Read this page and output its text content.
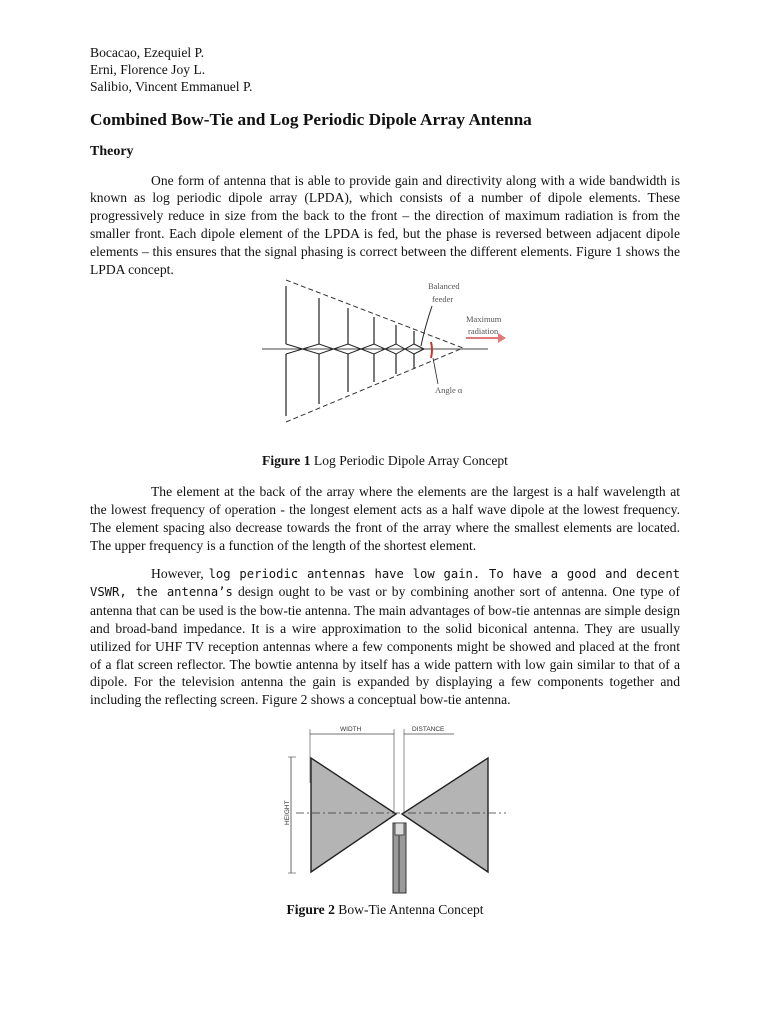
Bocacao, Ezequiel P.
Erni, Florence Joy L.
Salibio, Vincent Emmanuel P.
Combined Bow-Tie and Log Periodic Dipole Array Antenna
Theory

One form of antenna that is able to provide gain and directivity along with a wide bandwidth is known as log periodic dipole array (LPDA), which consists of a number of dipole elements. These progressively reduce in size from the back to the front – the direction of maximum radiation is from the smaller front. Each dipole element of the LPDA is fed, but the phase is reversed between adjacent dipole elements – this ensures that the signal phasing is correct between the different elements. Figure 1 shows the LPDA concept.

Balanced
feeder
Maximum
radiation
Angle α
Figure 1 Log Periodic Dipole Array Concept

The element at the back of the array where the elements are the largest is a half wavelength at the lowest frequency of operation - the longest element acts as a half wave dipole at the lowest frequency. The element spacing also decrease towards the front of the array where the smallest elements are located. The upper frequency is a function of the length of the shortest element.

However, log periodic antennas have low gain. To have a good and decent VSWR, the antenna’s design ought to be vast or by combining another sort of antenna. One type of antenna that can be used is the bow-tie antenna. The main advantages of bow-tie antennas are simple design and broad-band impedance. It is a wire approximation to the solid biconical antenna. They are usually utilized for UHF TV reception antennas where a few components might be showed and placed at the front of a flat screen reflector. The bowtie antenna by itself has a wide pattern with low gain similar to that of a dipole. For the television antenna the gain is expanded by displaying a few components together and including the reflecting screen. Figure 2 shows a conceptual bow-tie antenna.

WIDTH	DISTANCE
HEIGHT
Figure 2 Bow-Tie Antenna Concept
